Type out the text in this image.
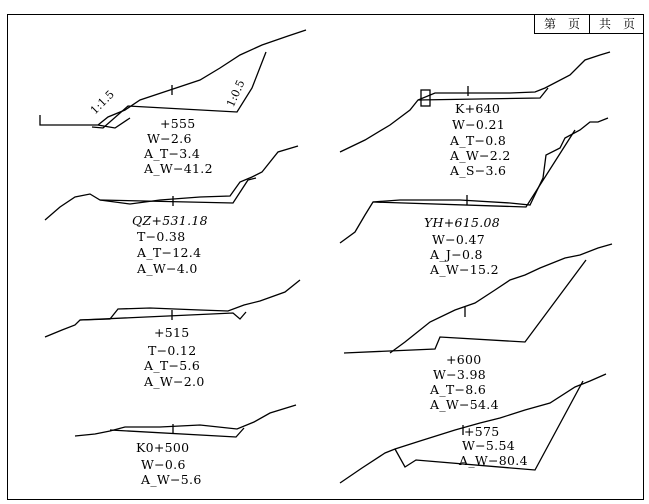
第 页 共 页
1:1.5	1:0.5
+555
W−2.6
A_T−3.4
A_W−41.2
QZ+531.18
T−0.38
A_T−12.4
A_W−4.0
+515
T−0.12
A_T−5.6
A_W−2.0
K0+500
W−0.6
A_W−5.6
K+640
W−0.21
A_T−0.8
A_W−2.2
A_S−3.6
YH+615.08
W−0.47
A_J−0.8
A_W−15.2
+600
W−3.98
A_T−8.6
A_W−54.4
+575
W−5.54
A_W−80.4
